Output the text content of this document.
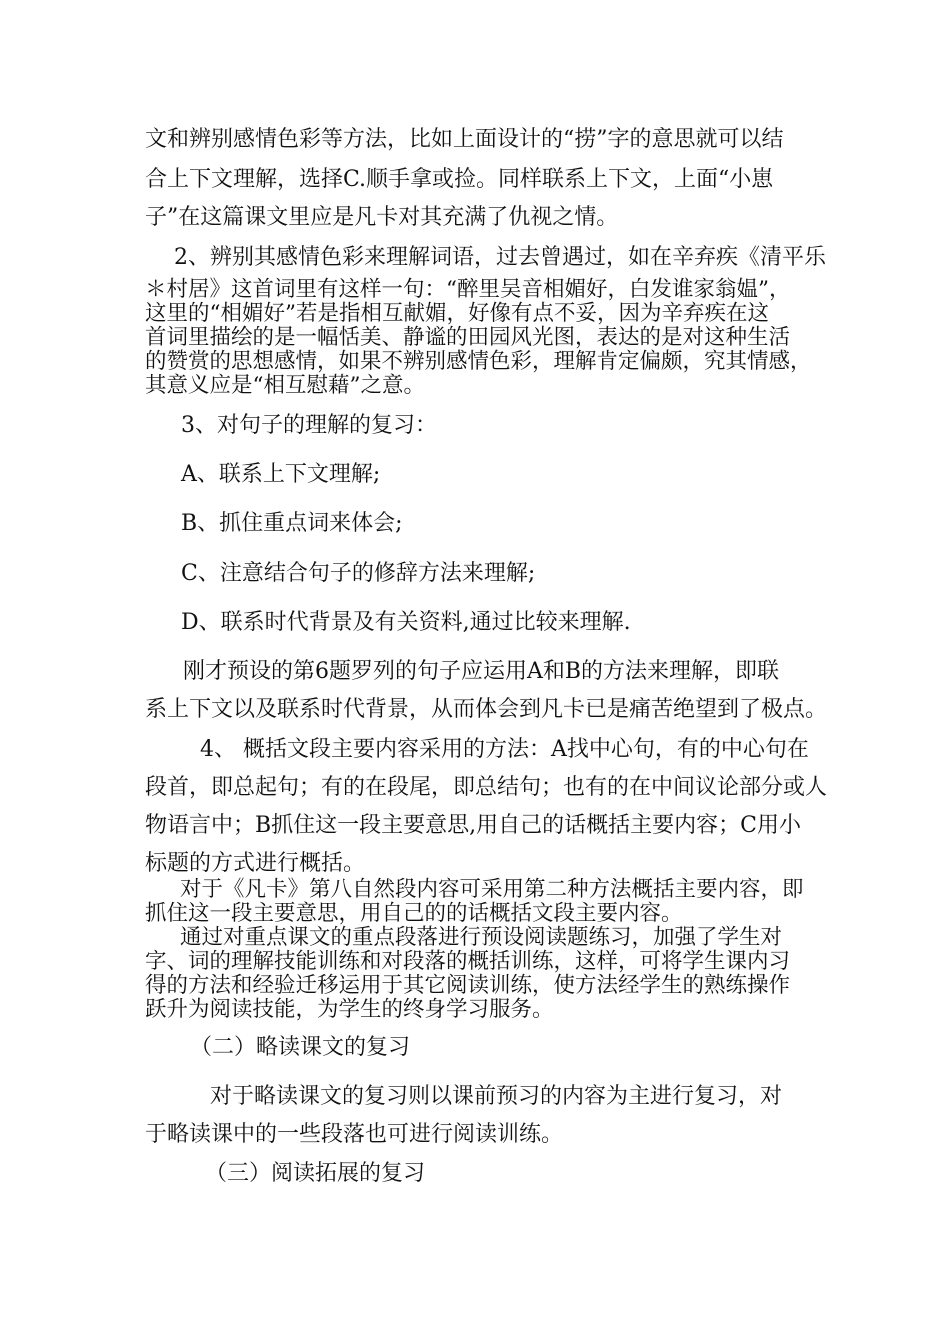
文和辨别感情色彩等方法，比如上面设计的“捞”字的意思就可以结
合上下文理解，选择C.顺手拿或捡。同样联系上下文，上面“小崽
子”在这篇课文里应是凡卡对其充满了仇视之情。
2、辨别其感情色彩来理解词语，过去曾遇过，如在辛弃疾《清平乐
＊村居》这首词里有这样一句：“醉里吴音相媚好，白发谁家翁媪”，
这里的“相媚好”若是指相互献媚，好像有点不妥，因为辛弃疾在这
首词里描绘的是一幅恬美、静谧的田园风光图，表达的是对这种生活
的赞赏的思想感情，如果不辨别感情色彩，理解肯定偏颇，究其情感，
其意义应是“相互慰藉”之意。
3、对句子的理解的复习：
A、联系上下文理解;
B、抓住重点词来体会;
C、注意结合句子的修辞方法来理解;
D、联系时代背景及有关资料,通过比较来理解.
刚才预设的第6题罗列的句子应运用A和B的方法来理解，即联
系上下文以及联系时代背景，从而体会到凡卡已是痛苦绝望到了极点。
4、 概括文段主要内容采用的方法：A找中心句，有的中心句在
段首，即总起句；有的在段尾，即总结句；也有的在中间议论部分或人
物语言中；B抓住这一段主要意思,用自己的话概括主要内容；C用小
标题的方式进行概括。
对于《凡卡》第八自然段内容可采用第二种方法概括主要内容，即
抓住这一段主要意思，用自己的的话概括文段主要内容。
通过对重点课文的重点段落进行预设阅读题练习，加强了学生对
字、词的理解技能训练和对段落的概括训练，这样，可将学生课内习
得的方法和经验迁移运用于其它阅读训练，使方法经学生的熟练操作
跃升为阅读技能，为学生的终身学习服务。
（二）略读课文的复习
对于略读课文的复习则以课前预习的内容为主进行复习，对
于略读课中的一些段落也可进行阅读训练。
（三）阅读拓展的复习
